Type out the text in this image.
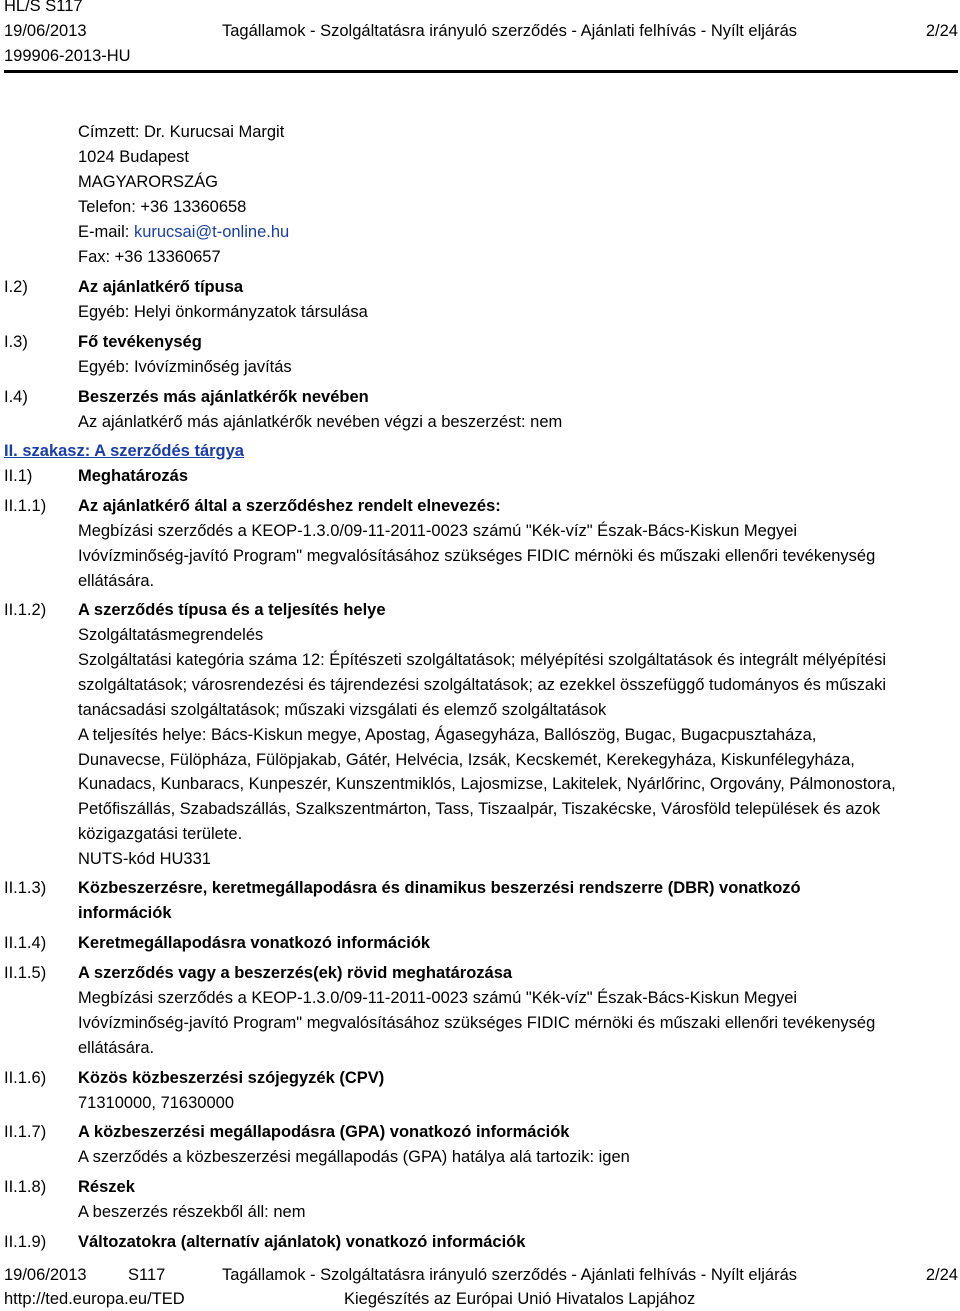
HL/S S117
19/06/2013
199906-2013-HU
Tagállamok - Szolgáltatásra irányuló szerződés - Ajánlati felhívás - Nyílt eljárás	2/24
Címzett: Dr. Kurucsai Margit
1024 Budapest
MAGYARORSZÁG
Telefon: +36 13360658
E-mail: kurucsai@t-online.hu
Fax: +36 13360657
I.2)	Az ajánlatkérő típusa
Egyéb: Helyi önkormányzatok társulása
I.3)	Fő tevékenység
Egyéb: Ivóvízminőség javítás
I.4)	Beszerzés más ajánlatkérők nevében
Az ajánlatkérő más ajánlatkérők nevében végzi a beszerzést: nem
II. szakasz: A szerződés tárgya
II.1)	Meghatározás
II.1.1) Az ajánlatkérő által a szerződéshez rendelt elnevezés:
Megbízási szerződés a KEOP-1.3.0/09-11-2011-0023 számú "Kék-víz" Észak-Bács-Kiskun Megyei
Ivóvízminőség-javító Program" megvalósításához szükséges FIDIC mérnöki és műszaki ellenőri tevékenység
ellátására.
II.1.2) A szerződés típusa és a teljesítés helye
Szolgáltatásmegrendelés
Szolgáltatási kategória száma 12: Építészeti szolgáltatások; mélyépítési szolgáltatások és integrált mélyépítési
szolgáltatások; városrendezési és tájrendezési szolgáltatások; az ezekkel összefüggő tudományos és műszaki
tanácsadási szolgáltatások; műszaki vizsgálati és elemző szolgáltatások
A teljesítés helye: Bács-Kiskun megye, Apostag, Ágasegyháza, Ballószög, Bugac, Bugacpusztaháza,
Dunavecse, Fülöpháza, Fülöpjakab, Gátér, Helvécia, Izsák, Kecskemét, Kerekegyháza, Kiskunfélegyháza,
Kunadacs, Kunbaracs, Kunpeszér, Kunszentmiklós, Lajosmizse, Lakitelek, Nyárlőrinc, Orgovány, Pálmonostora,
Petőfiszállás, Szabadszállás, Szalkszentmárton, Tass, Tiszaalpár, Tiszakécske, Városföld települések és azok
közigazgatási területe.
NUTS-kód HU331
II.1.3) Közbeszerzésre, keretmegállapodásra és dinamikus beszerzési rendszerre (DBR) vonatkozó
információk
II.1.4) Keretmegállapodásra vonatkozó információk
II.1.5) A szerződés vagy a beszerzés(ek) rövid meghatározása
Megbízási szerződés a KEOP-1.3.0/09-11-2011-0023 számú "Kék-víz" Észak-Bács-Kiskun Megyei
Ivóvízminőség-javító Program" megvalósításához szükséges FIDIC mérnöki és műszaki ellenőri tevékenység
ellátására.
II.1.6) Közös közbeszerzési szójegyzék (CPV)
71310000, 71630000
II.1.7) A közbeszerzési megállapodásra (GPA) vonatkozó információk
A szerződés a közbeszerzési megállapodás (GPA) hatálya alá tartozik: igen
II.1.8) Részek
A beszerzés részekből áll: nem
II.1.9) Változatokra (alternatív ajánlatok) vonatkozó információk
19/06/2013	S117	Tagállamok - Szolgáltatásra irányuló szerződés - Ajánlati felhívás - Nyílt eljárás	2/24
http://ted.europa.eu/TED	Kiegészítés az Európai Unió Hivatalos Lapjához
